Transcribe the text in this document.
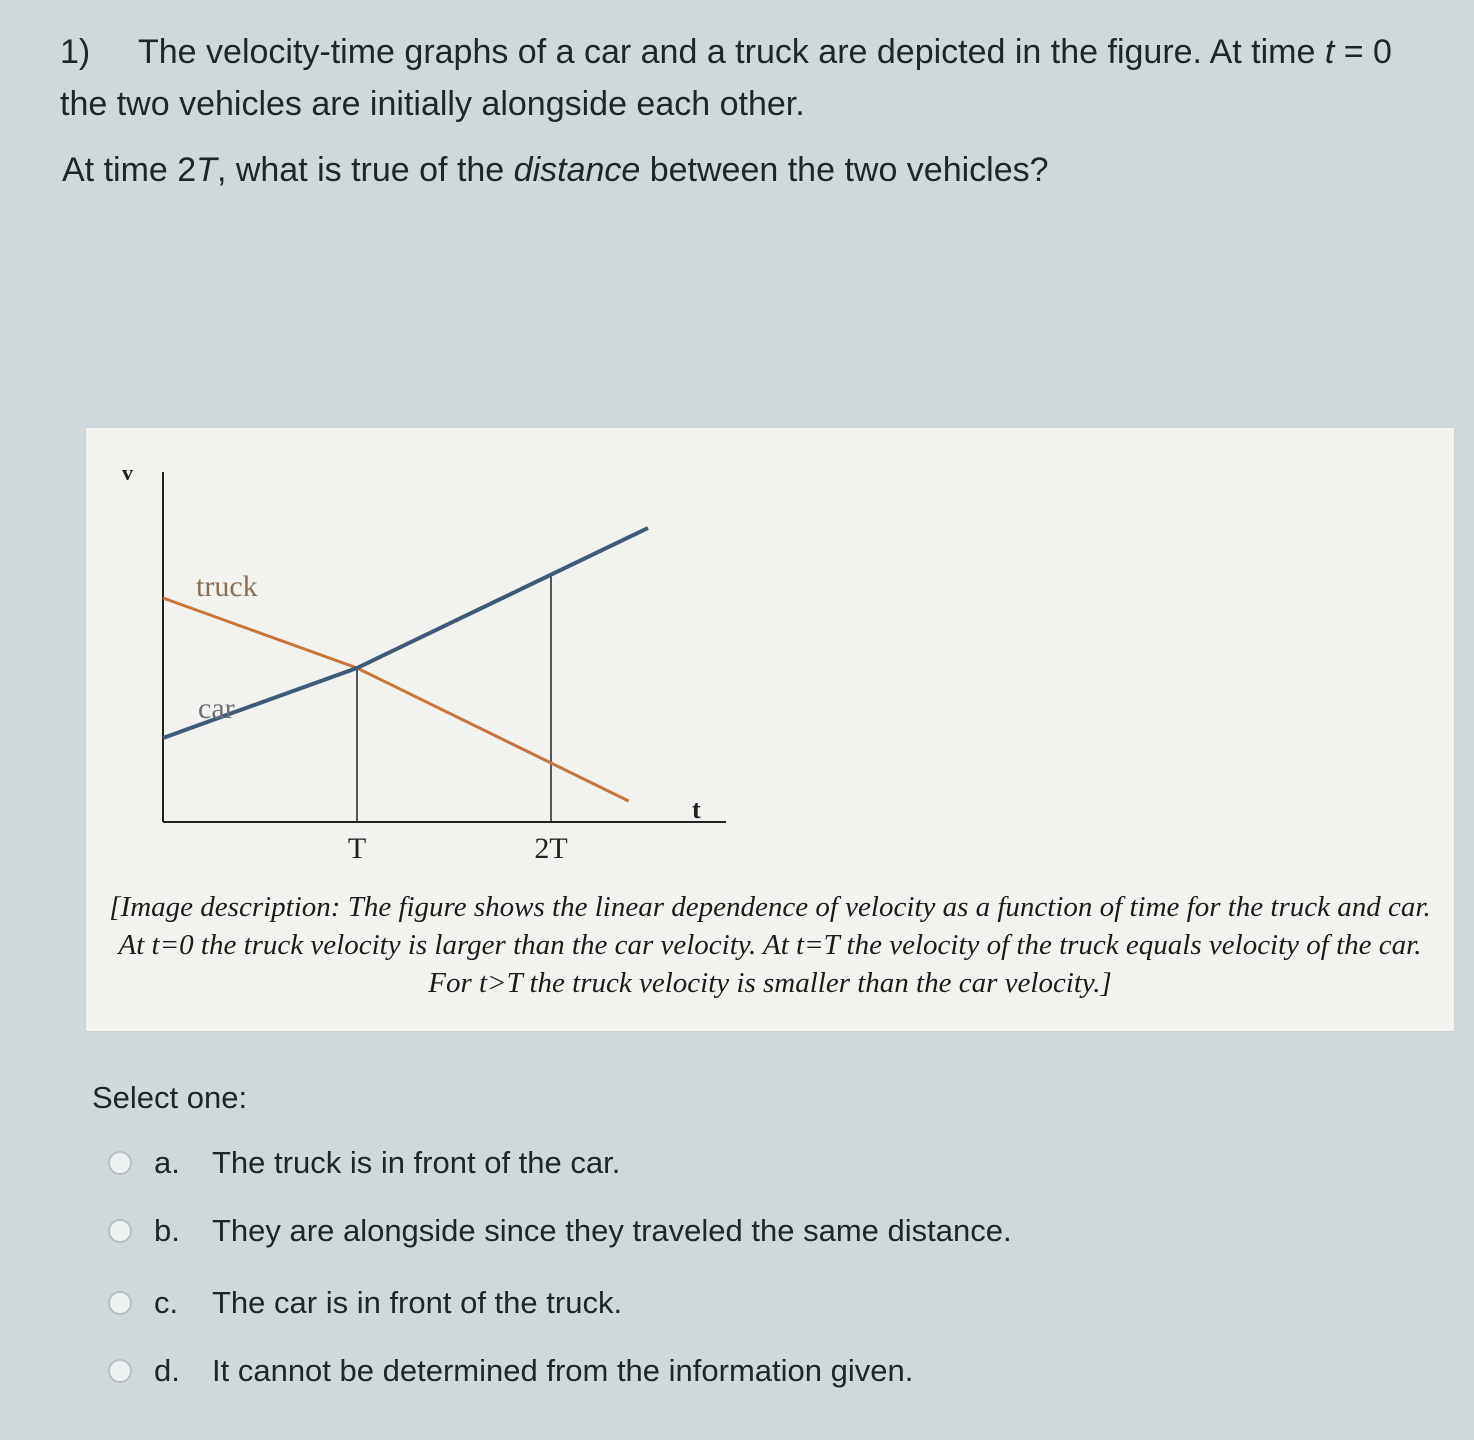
1) The velocity-time graphs of a car and a truck are depicted in the figure. At time t = 0
the two vehicles are initially alongside each other.
At time 2T, what is true of the distance between the two vehicles?
v
t
T	2T
truck
car
[Image description: The figure shows the linear dependence of velocity as a function of time for the truck and car. At t=0 the truck velocity is larger than the car velocity. At t=T the velocity of the truck equals velocity of the car. For t>T the truck velocity is smaller than the car velocity.]
Select one:
a.	The truck is in front of the car.
b.	They are alongside since they traveled the same distance.
c.	The car is in front of the truck.
d.	It cannot be determined from the information given.
